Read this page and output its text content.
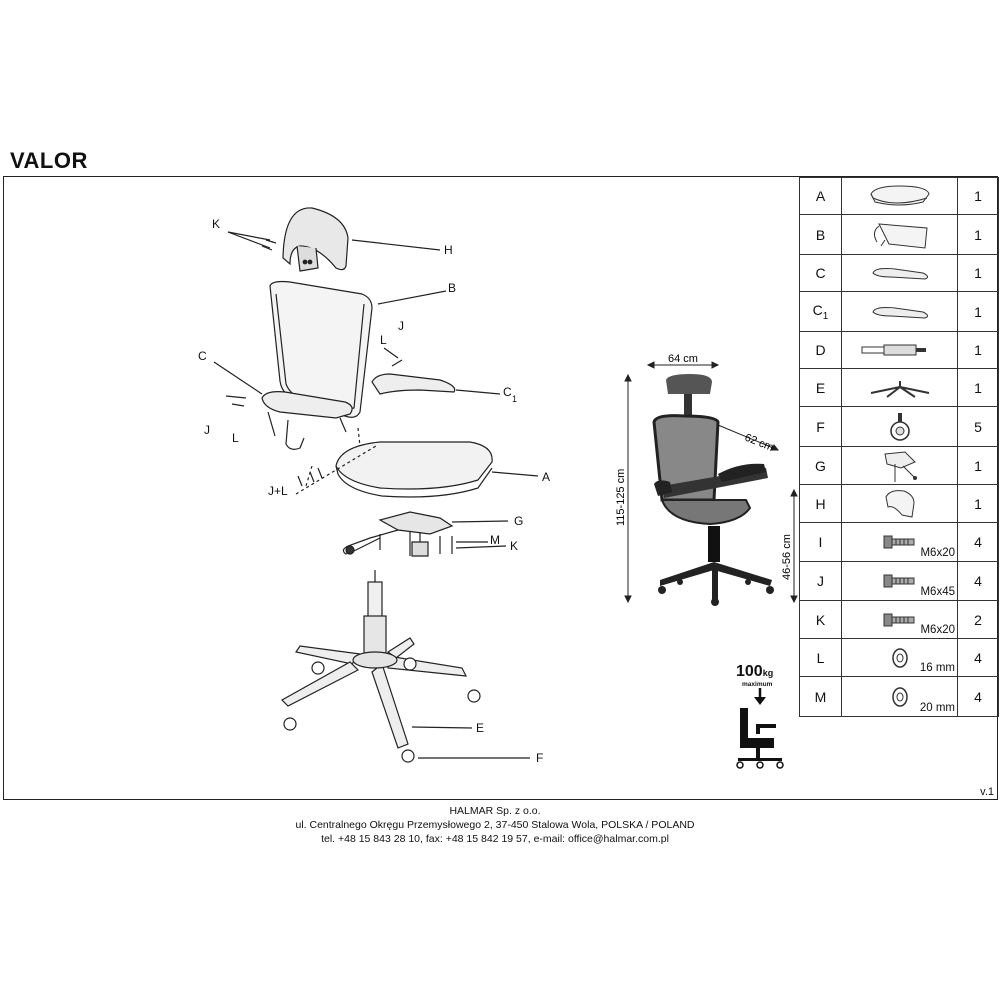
VALOR
K
H
B
L
J
C
C 1
J
L
A
J+L
G
M K
E
F
64 cm
62 cm
115-125 cm
46-56 cm
100kg
maximum
A		1
B		1
C		1
$C_1$		1
D		1
E		1
F		5
G		1
H		1
I	M6x20	4
J	M6x45	4
K	M6x20	2
L	16 mm	4
M	20 mm	4
v.1
HALMAR Sp. z o.o.
ul. Centralnego Okręgu Przemysłowego 2, 37-450 Stalowa Wola, POLSKA / POLAND
tel. +48 15 843 28 10, fax: +48 15 842 19 57, e-mail: office@halmar.com.pl
